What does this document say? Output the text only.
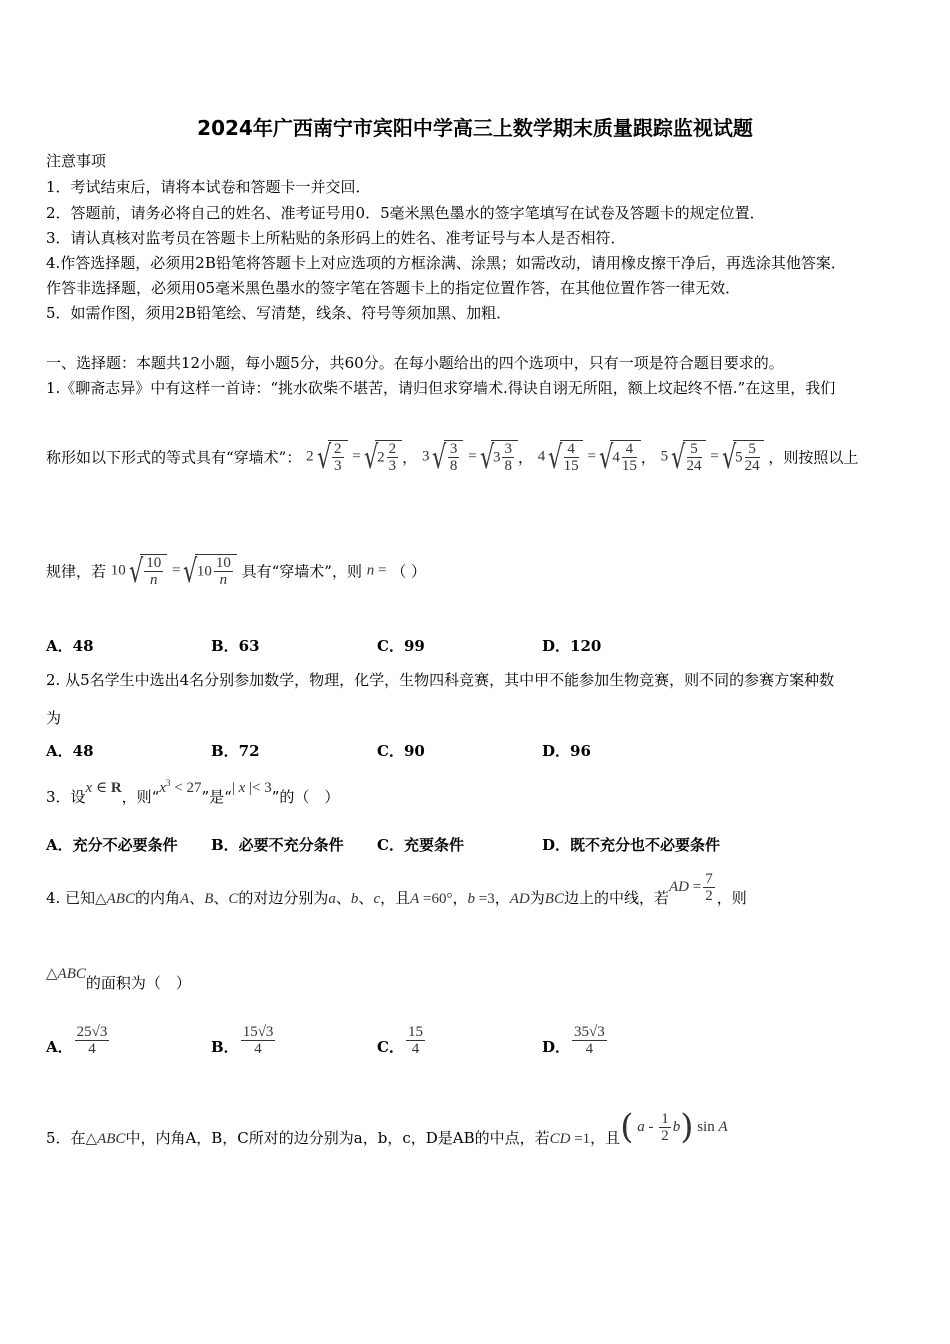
2024年广西南宁市宾阳中学高三上数学期末质量跟踪监视试题
注意事项
1．考试结束后，请将本试卷和答题卡一并交回．
2．答题前，请务必将自己的姓名、准考证号用0．5毫米黑色墨水的签字笔填写在试卷及答题卡的规定位置．
3．请认真核对监考员在答题卡上所粘贴的条形码上的姓名、准考证号与本人是否相符．
4.作答选择题，必须用2B铅笔将答题卡上对应选项的方框涂满、涂黑；如需改动，请用橡皮擦干净后，再选涂其他答案．
作答非选择题，必须用05毫米黑色墨水的签字笔在答题卡上的指定位置作答，在其他位置作答一律无效．
5．如需作图，须用2B铅笔绘、写清楚，线条、符号等须加黑、加粗．
一、选择题：本题共12小题，每小题5分，共60分。在每小题给出的四个选项中，只有一项是符合题目要求的。
1.《聊斋志异》中有这样一首诗：“挑水砍柴不堪苦，请归但求穿墙术.得诀自诩无所阻，额上坟起终不悟.”在这里，我们
称形如以下形式的等式具有“穿墙术”： $2√ \frac{2}{3} =√2 \frac{2}{3}$ ， $3√ \frac{3}{8} =√3 \frac{3}{8}$ ， $4√ \frac{4}{15} =√4 \frac{4}{15}$ ， $5√ \frac{5}{24} =√5 \frac{5}{24}$ ，则按照以上
规律，若 $10√ \frac{10}{n} =√10 \frac{10}{n}$ 具有“穿墙术”，则 n = （ ）
A．48	B．63	C．99	D．120
2. 从5名学生中选出4名分别参加数学，物理，化学，生物四科竞赛，其中甲不能参加生物竞赛，则不同的参赛方案种数
为
A．48	B．72	C．90	D．96
3．设x ∈ R，则“$x^3 < 27$”是“| x |< 3”的（　）
A．充分不必要条件 B．必要不充分条件 C．充要条件	D．既不充分也不必要条件
4. 已知△ABC的内角A、B、C的对边分别为a、b、c，且A =60°，b =3，AD为BC边上的中线，若AD = $\frac{7}{2}$ ，则
△ABC的面积为（　）
A． $\frac{25√3}{4}$	B． $\frac{15√3}{4}$	C． $\frac{15}{4}$	D． $\frac{35√3}{4}$
5．在△ABC中，内角A，B，C所对的边分别为a，b，c，D是AB的中点，若CD =1，且( a - $\frac{1}{2} b$) sin A
